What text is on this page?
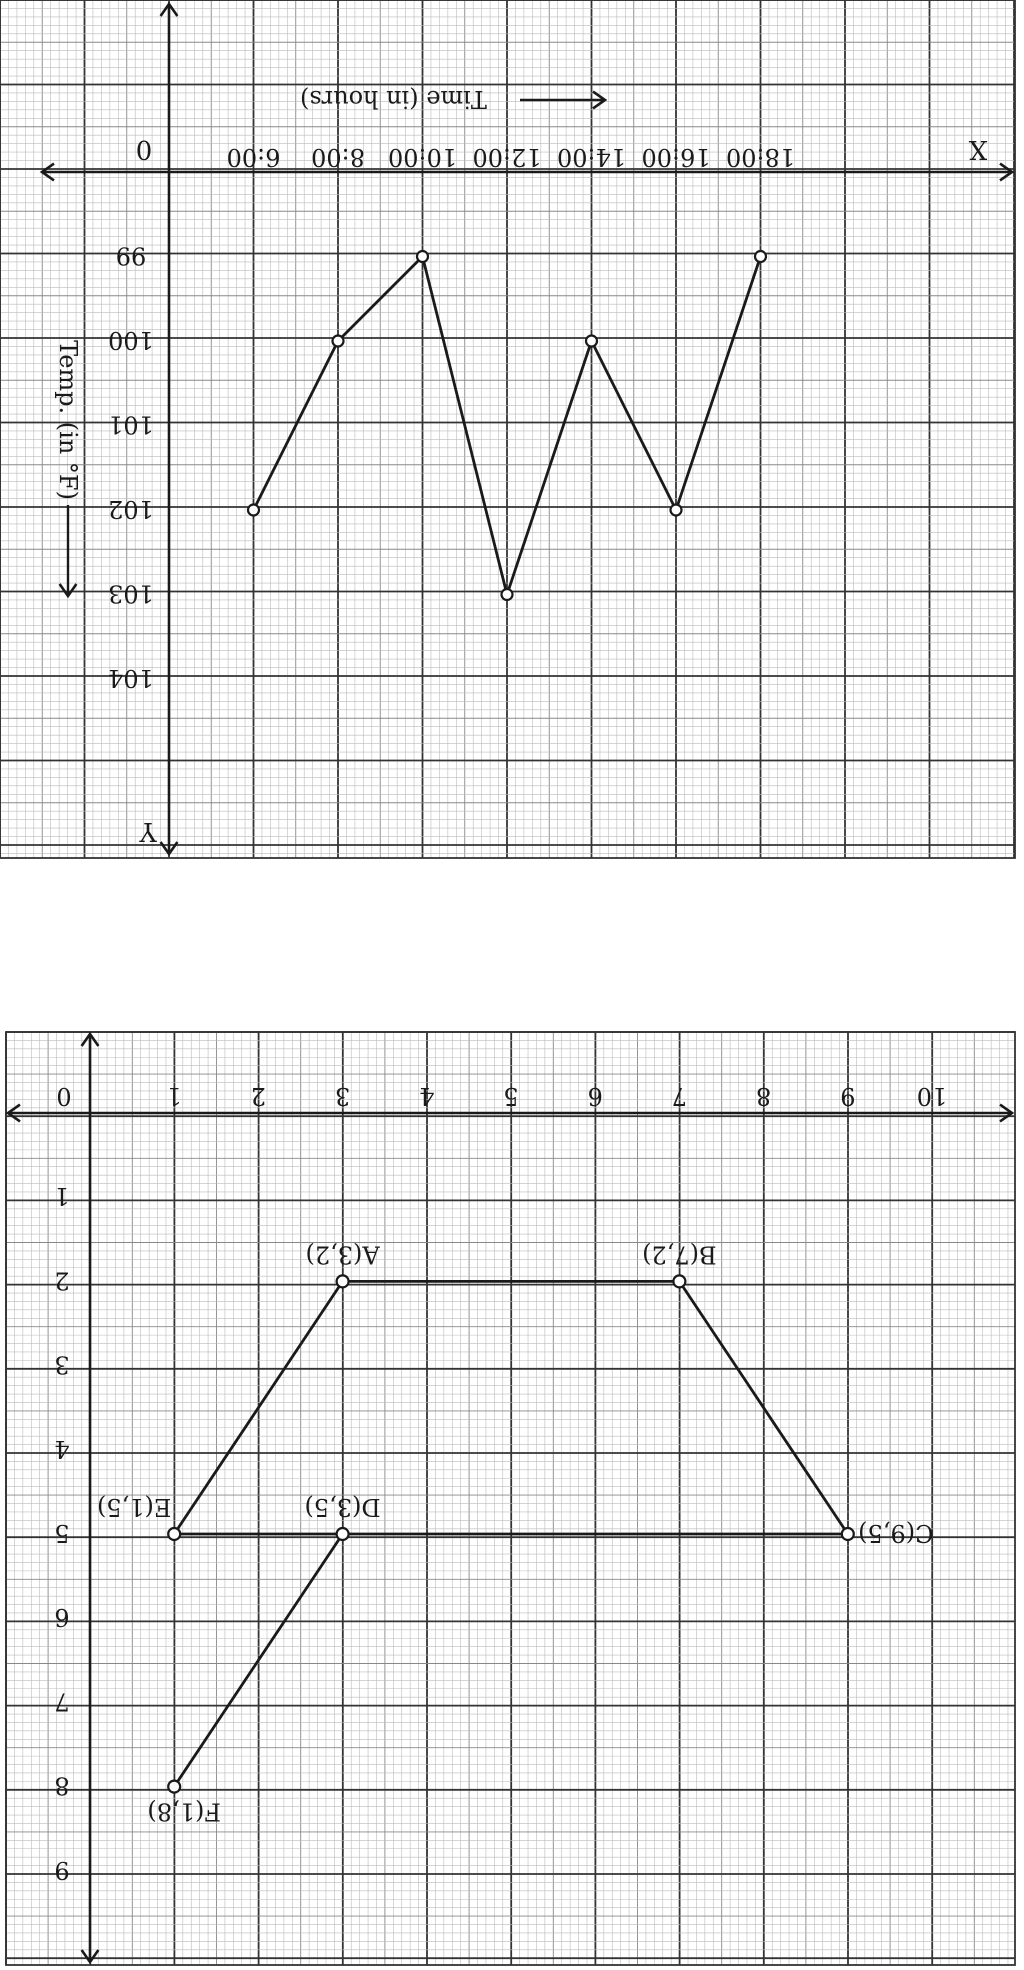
6:00 8:00 10:00 12:00 14:00 16:00 18:00
99
100
101
102
103
104
0	X
Y
Time (in hours)
Temp. (in °F)
1	2	3	4	5	6	7	8	9	10
1
2
3
4
5
6
7
8
9
0
A(3,2)	B(7,2)
C(9,5)
D(3,5)
E(1,5)
F(1,8)
